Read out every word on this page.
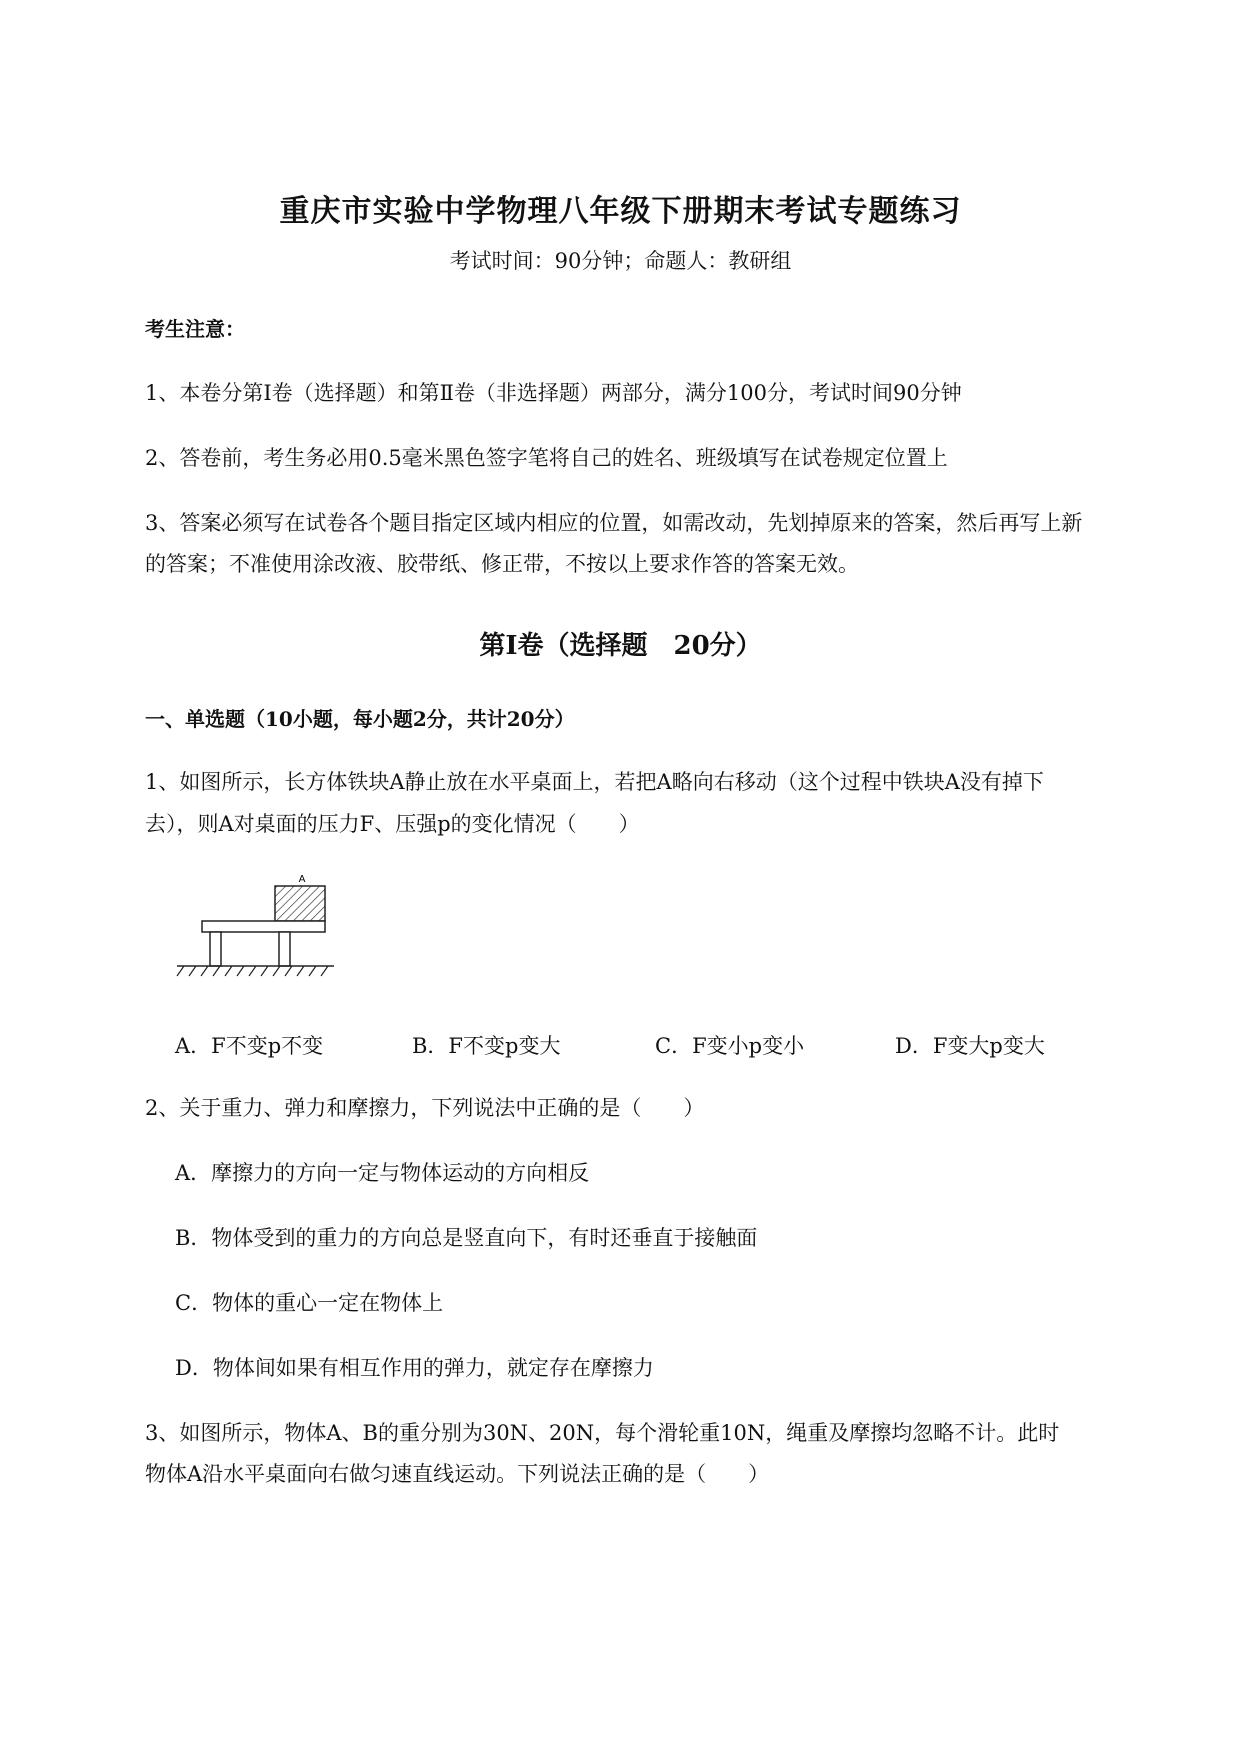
重庆市实验中学物理八年级下册期末考试专题练习
考试时间：90分钟；命题人：教研组
考生注意：
1、本卷分第Ⅰ卷（选择题）和第Ⅱ卷（非选择题）两部分，满分100分，考试时间90分钟
2、答卷前，考生务必用0.5毫米黑色签字笔将自己的姓名、班级填写在试卷规定位置上
3、答案必须写在试卷各个题目指定区域内相应的位置，如需改动，先划掉原来的答案，然后再写上新
的答案；不准使用涂改液、胶带纸、修正带，不按以上要求作答的答案无效。
第Ⅰ卷（选择题　20分）
一、单选题（10小题，每小题2分，共计20分）
1、如图所示，长方体铁块A静止放在水平桌面上，若把A略向右移动（这个过程中铁块A没有掉下
去），则A对桌面的压力F、压强p的变化情况（　　）
A
A．F不变p不变	B．F不变p变大	C．F变小p变小	D．F变大p变大
2、关于重力、弹力和摩擦力，下列说法中正确的是（　　）
A．摩擦力的方向一定与物体运动的方向相反
B．物体受到的重力的方向总是竖直向下，有时还垂直于接触面
C．物体的重心一定在物体上
D．物体间如果有相互作用的弹力，就定存在摩擦力
3、如图所示，物体A、B的重分别为30N、20N，每个滑轮重10N，绳重及摩擦均忽略不计。此时
物体A沿水平桌面向右做匀速直线运动。下列说法正确的是（　　）
